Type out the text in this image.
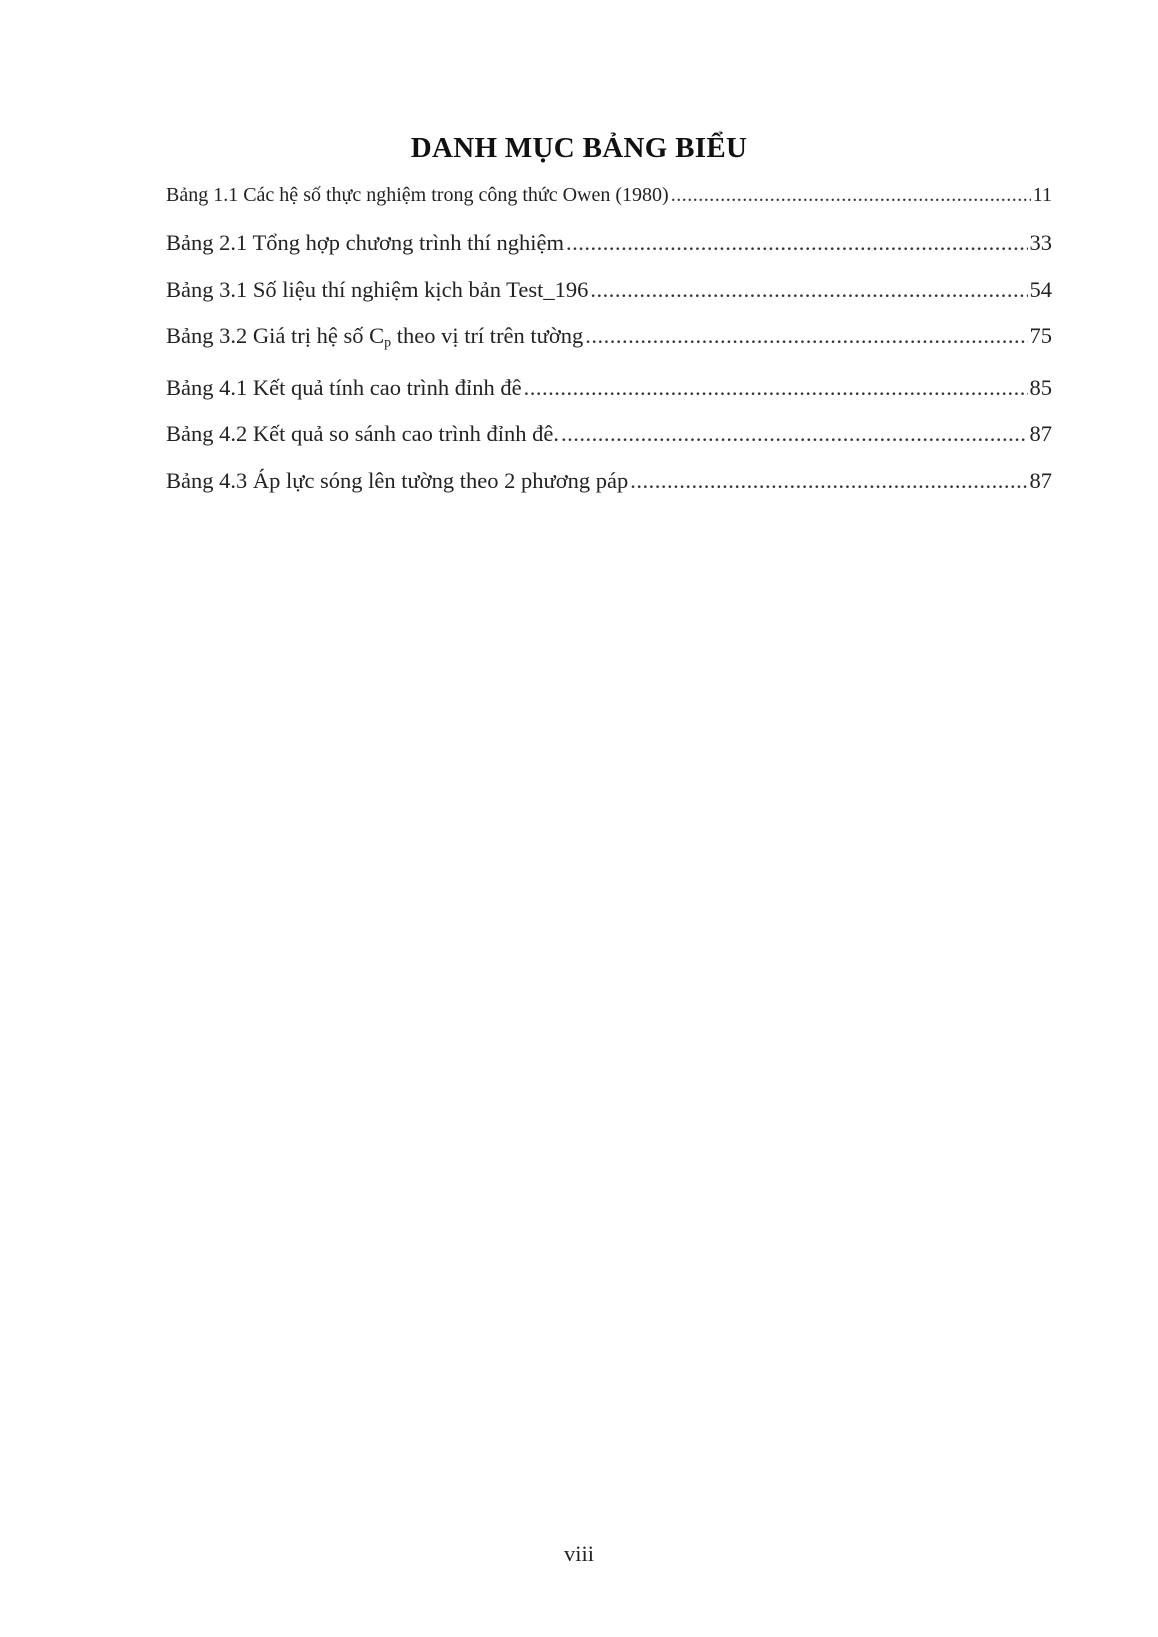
DANH MỤC BẢNG BIỂU
Bảng 1.1 Các hệ số thực nghiệm trong công thức Owen (1980) .....	11
Bảng 2.1 Tổng hợp chương trình thí nghiệm .....	33
Bảng 3.1 Số liệu thí nghiệm kịch bản Test_196 .....	54
Bảng 3.2 Giá trị hệ số $C_p$ theo vị trí trên tường .....	75
Bảng 4.1 Kết quả tính cao trình đỉnh đê .....	85
Bảng 4.2 Kết quả so sánh cao trình đỉnh đê. .....	87
Bảng 4.3 Áp lực sóng lên tường theo 2 phương páp .....	87
viii
